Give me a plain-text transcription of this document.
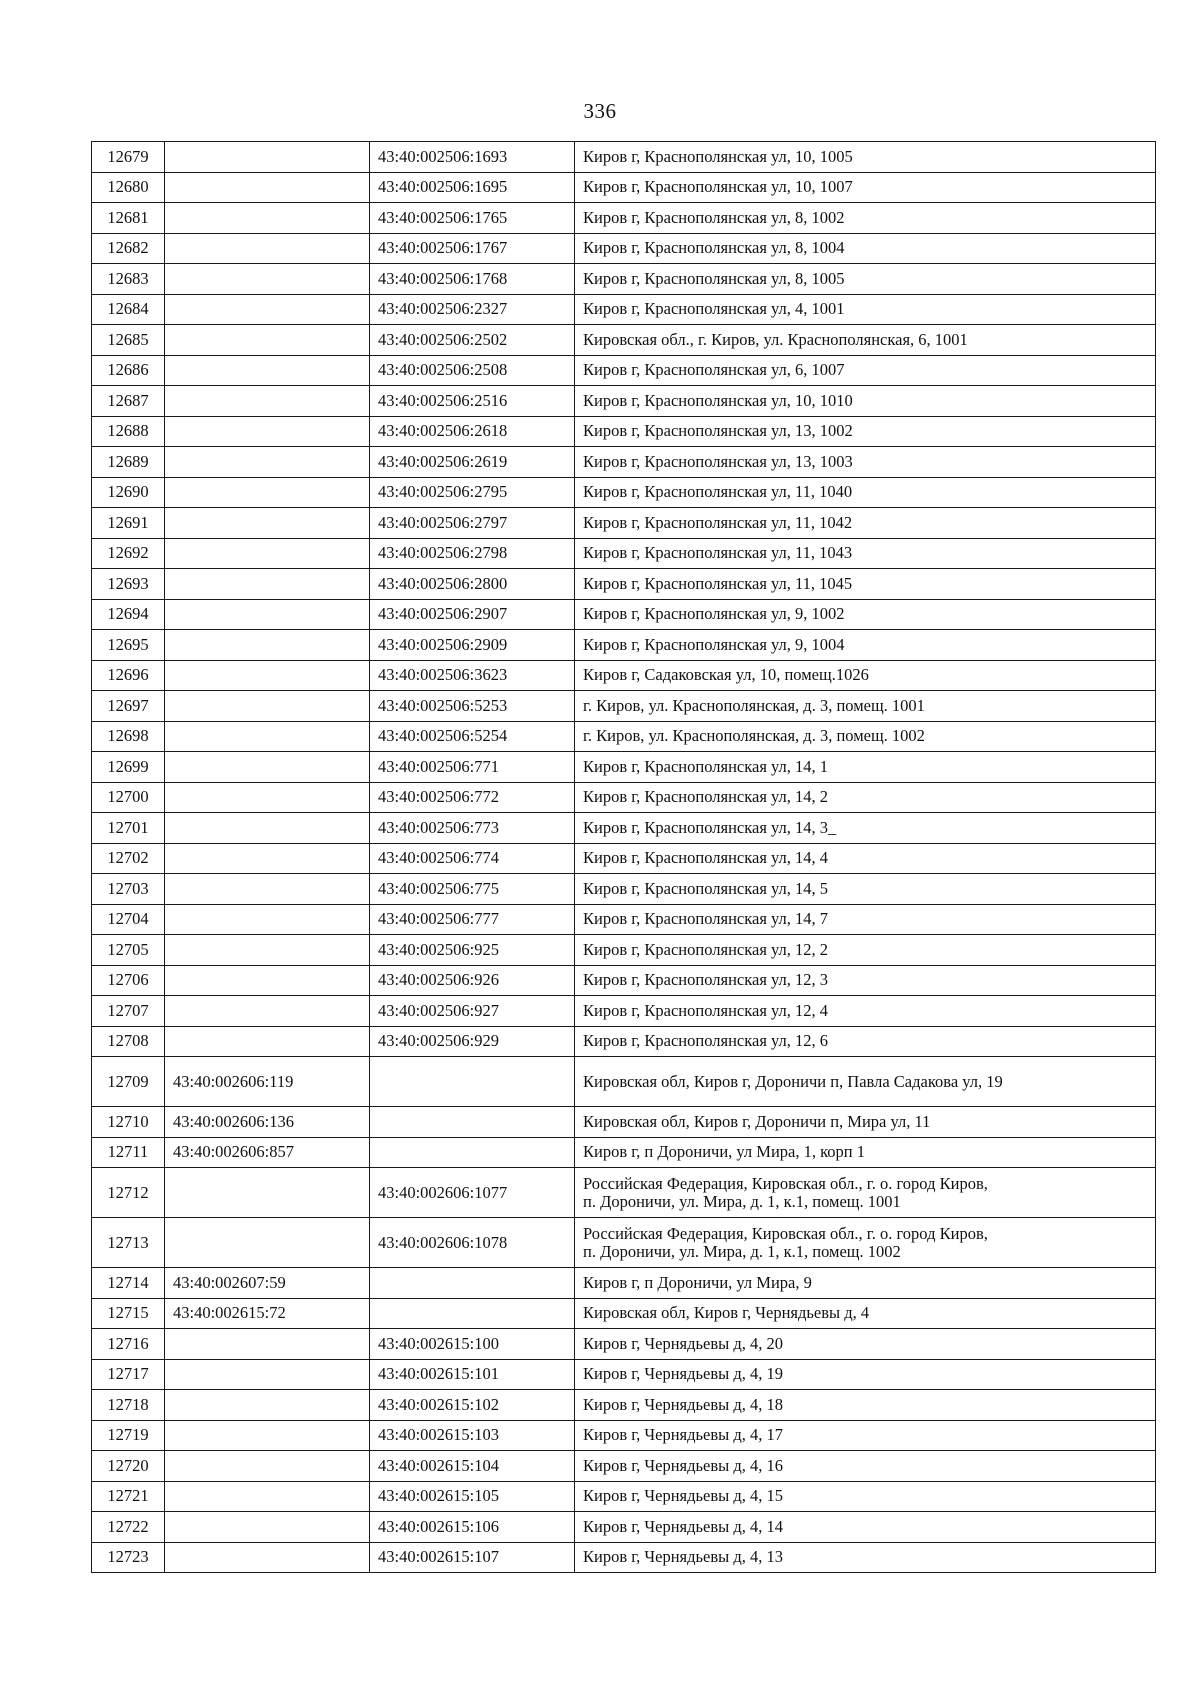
336
12679		43:40:002506:1693	Киров г, Краснополянская ул, 10, 1005
12680		43:40:002506:1695	Киров г, Краснополянская ул, 10, 1007
12681		43:40:002506:1765	Киров г, Краснополянская ул, 8, 1002
12682		43:40:002506:1767	Киров г, Краснополянская ул, 8, 1004
12683		43:40:002506:1768	Киров г, Краснополянская ул, 8, 1005
12684		43:40:002506:2327	Киров г, Краснополянская ул, 4, 1001
12685		43:40:002506:2502	Кировская обл., г. Киров, ул. Краснополянская, 6, 1001
12686		43:40:002506:2508	Киров г, Краснополянская ул, 6, 1007
12687		43:40:002506:2516	Киров г, Краснополянская ул, 10, 1010
12688		43:40:002506:2618	Киров г, Краснополянская ул, 13, 1002
12689		43:40:002506:2619	Киров г, Краснополянская ул, 13, 1003
12690		43:40:002506:2795	Киров г, Краснополянская ул, 11, 1040
12691		43:40:002506:2797	Киров г, Краснополянская ул, 11, 1042
12692		43:40:002506:2798	Киров г, Краснополянская ул, 11, 1043
12693		43:40:002506:2800	Киров г, Краснополянская ул, 11, 1045
12694		43:40:002506:2907	Киров г, Краснополянская ул, 9, 1002
12695		43:40:002506:2909	Киров г, Краснополянская ул, 9, 1004
12696		43:40:002506:3623	Киров г, Садаковская ул, 10, помещ.1026
12697		43:40:002506:5253	г. Киров, ул. Краснополянская, д. 3, помещ. 1001
12698		43:40:002506:5254	г. Киров, ул. Краснополянская, д. 3, помещ. 1002
12699		43:40:002506:771	Киров г, Краснополянская ул, 14, 1
12700		43:40:002506:772	Киров г, Краснополянская ул, 14, 2
12701		43:40:002506:773	Киров г, Краснополянская ул, 14, 3_
12702		43:40:002506:774	Киров г, Краснополянская ул, 14, 4
12703		43:40:002506:775	Киров г, Краснополянская ул, 14, 5
12704		43:40:002506:777	Киров г, Краснополянская ул, 14, 7
12705		43:40:002506:925	Киров г, Краснополянская ул, 12, 2
12706		43:40:002506:926	Киров г, Краснополянская ул, 12, 3
12707		43:40:002506:927	Киров г, Краснополянская ул, 12, 4
12708		43:40:002506:929	Киров г, Краснополянская ул, 12, 6
12709	43:40:002606:119		Кировская обл, Киров г, Дороничи п, Павла Садакова ул, 19
12710	43:40:002606:136		Кировская обл, Киров г, Дороничи п, Мира ул, 11
12711	43:40:002606:857		Киров г, п Дороничи, ул Мира, 1, корп 1
12712		43:40:002606:1077	Российская Федерация, Кировская обл., г. о. город Киров,
п. Дороничи, ул. Мира, д. 1, к.1, помещ. 1001
12713		43:40:002606:1078	Российская Федерация, Кировская обл., г. о. город Киров,
п. Дороничи, ул. Мира, д. 1, к.1, помещ. 1002
12714	43:40:002607:59		Киров г, п Дороничи, ул Мира, 9
12715	43:40:002615:72		Кировская обл, Киров г, Чернядьевы д, 4
12716		43:40:002615:100	Киров г, Чернядьевы д, 4, 20
12717		43:40:002615:101	Киров г, Чернядьевы д, 4, 19
12718		43:40:002615:102	Киров г, Чернядьевы д, 4, 18
12719		43:40:002615:103	Киров г, Чернядьевы д, 4, 17
12720		43:40:002615:104	Киров г, Чернядьевы д, 4, 16
12721		43:40:002615:105	Киров г, Чернядьевы д, 4, 15
12722		43:40:002615:106	Киров г, Чернядьевы д, 4, 14
12723		43:40:002615:107	Киров г, Чернядьевы д, 4, 13
